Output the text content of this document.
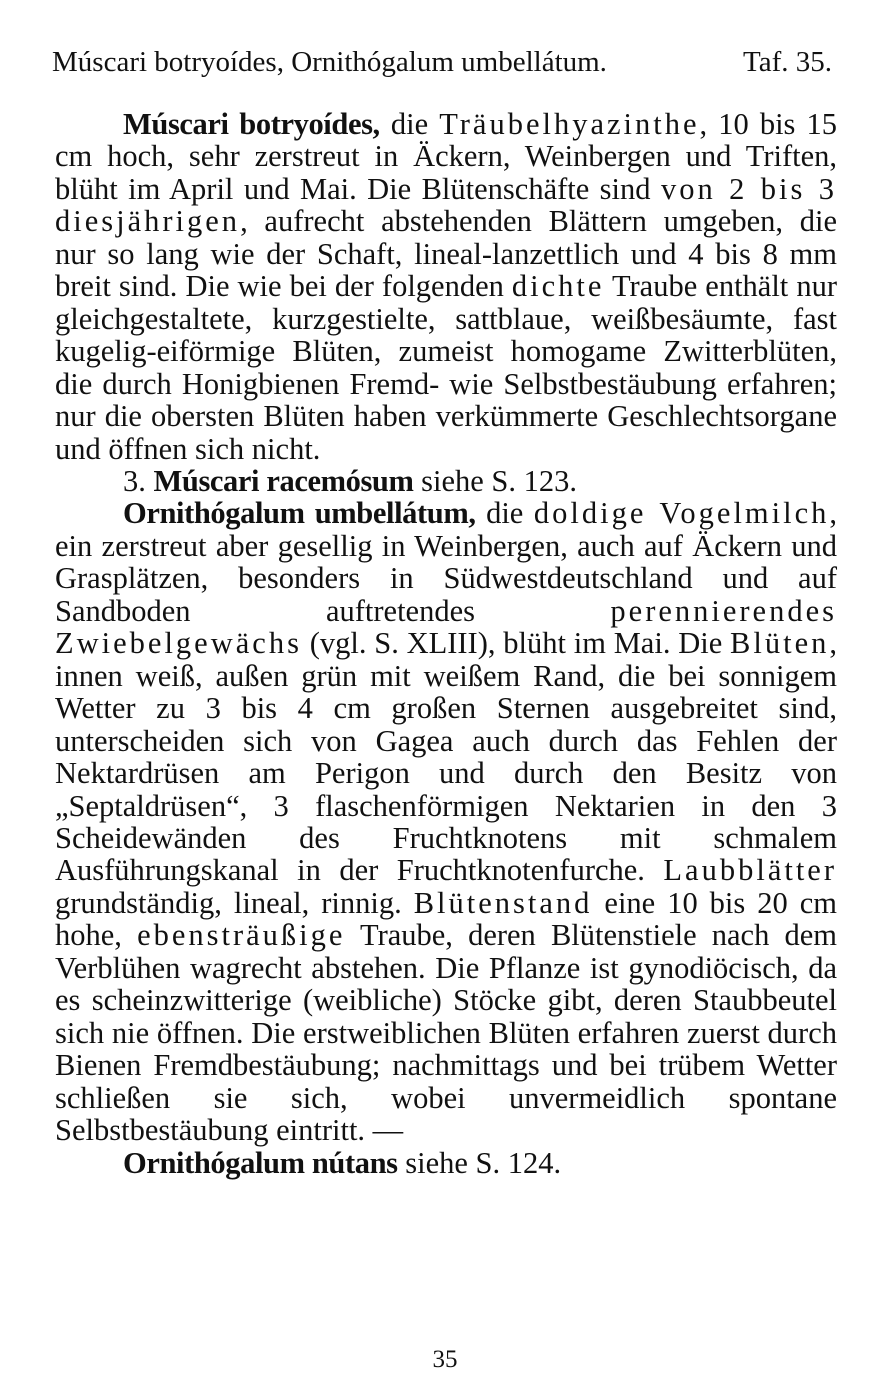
Múscari botryoídes, Ornithógalum umbellátum.	Taf. 35.

Múscari botryoídes, die Träubelhyazinthe, 10 bis 15 cm hoch, sehr zerstreut in Äckern, Weinbergen und Triften, blüht im April und Mai. Die Blütenschäfte sind von 2 bis 3 diesjährigen, aufrecht abstehenden Blättern umgeben, die nur so lang wie der Schaft, lineal-lanzettlich und 4 bis 8 mm breit sind. Die wie bei der folgenden dichte Traube enthält nur gleichgestaltete, kurzgestielte, sattblaue, weißbesäumte, fast kugelig-eiförmige Blüten, zumeist homogame Zwitterblüten, die durch Honigbienen Fremd- wie Selbstbestäubung erfahren; nur die obersten Blüten haben verkümmerte Geschlechtsorgane und öffnen sich nicht.

3. Múscari racemósum siehe S. 123.

Ornithógalum umbellátum, die doldige Vogelmilch, ein zerstreut aber gesellig in Weinbergen, auch auf Äckern und Grasplätzen, besonders in Südwestdeutschland und auf Sandboden auftretendes perennierendes Zwiebelgewächs (vgl. S. XLIII), blüht im Mai. Die Blüten, innen weiß, außen grün mit weißem Rand, die bei sonnigem Wetter zu 3 bis 4 cm großen Sternen ausgebreitet sind, unterscheiden sich von Gagea auch durch das Fehlen der Nektardrüsen am Perigon und durch den Besitz von „Septaldrüsen“, 3 flaschenförmigen Nektarien in den 3 Scheidewänden des Fruchtknotens mit schmalem Ausführungskanal in der Fruchtknotenfurche. Laubblätter grundständig, lineal, rinnig. Blütenstand eine 10 bis 20 cm hohe, ebensträußige Traube, deren Blütenstiele nach dem Verblühen wagrecht abstehen. Die Pflanze ist gynodiöcisch, da es scheinzwitterige (weibliche) Stöcke gibt, deren Staubbeutel sich nie öffnen. Die erstweiblichen Blüten erfahren zuerst durch Bienen Fremdbestäubung; nachmittags und bei trübem Wetter schließen sie sich, wobei unvermeidlich spontane Selbstbestäubung eintritt. —

Ornithógalum nútans siehe S. 124.

35
